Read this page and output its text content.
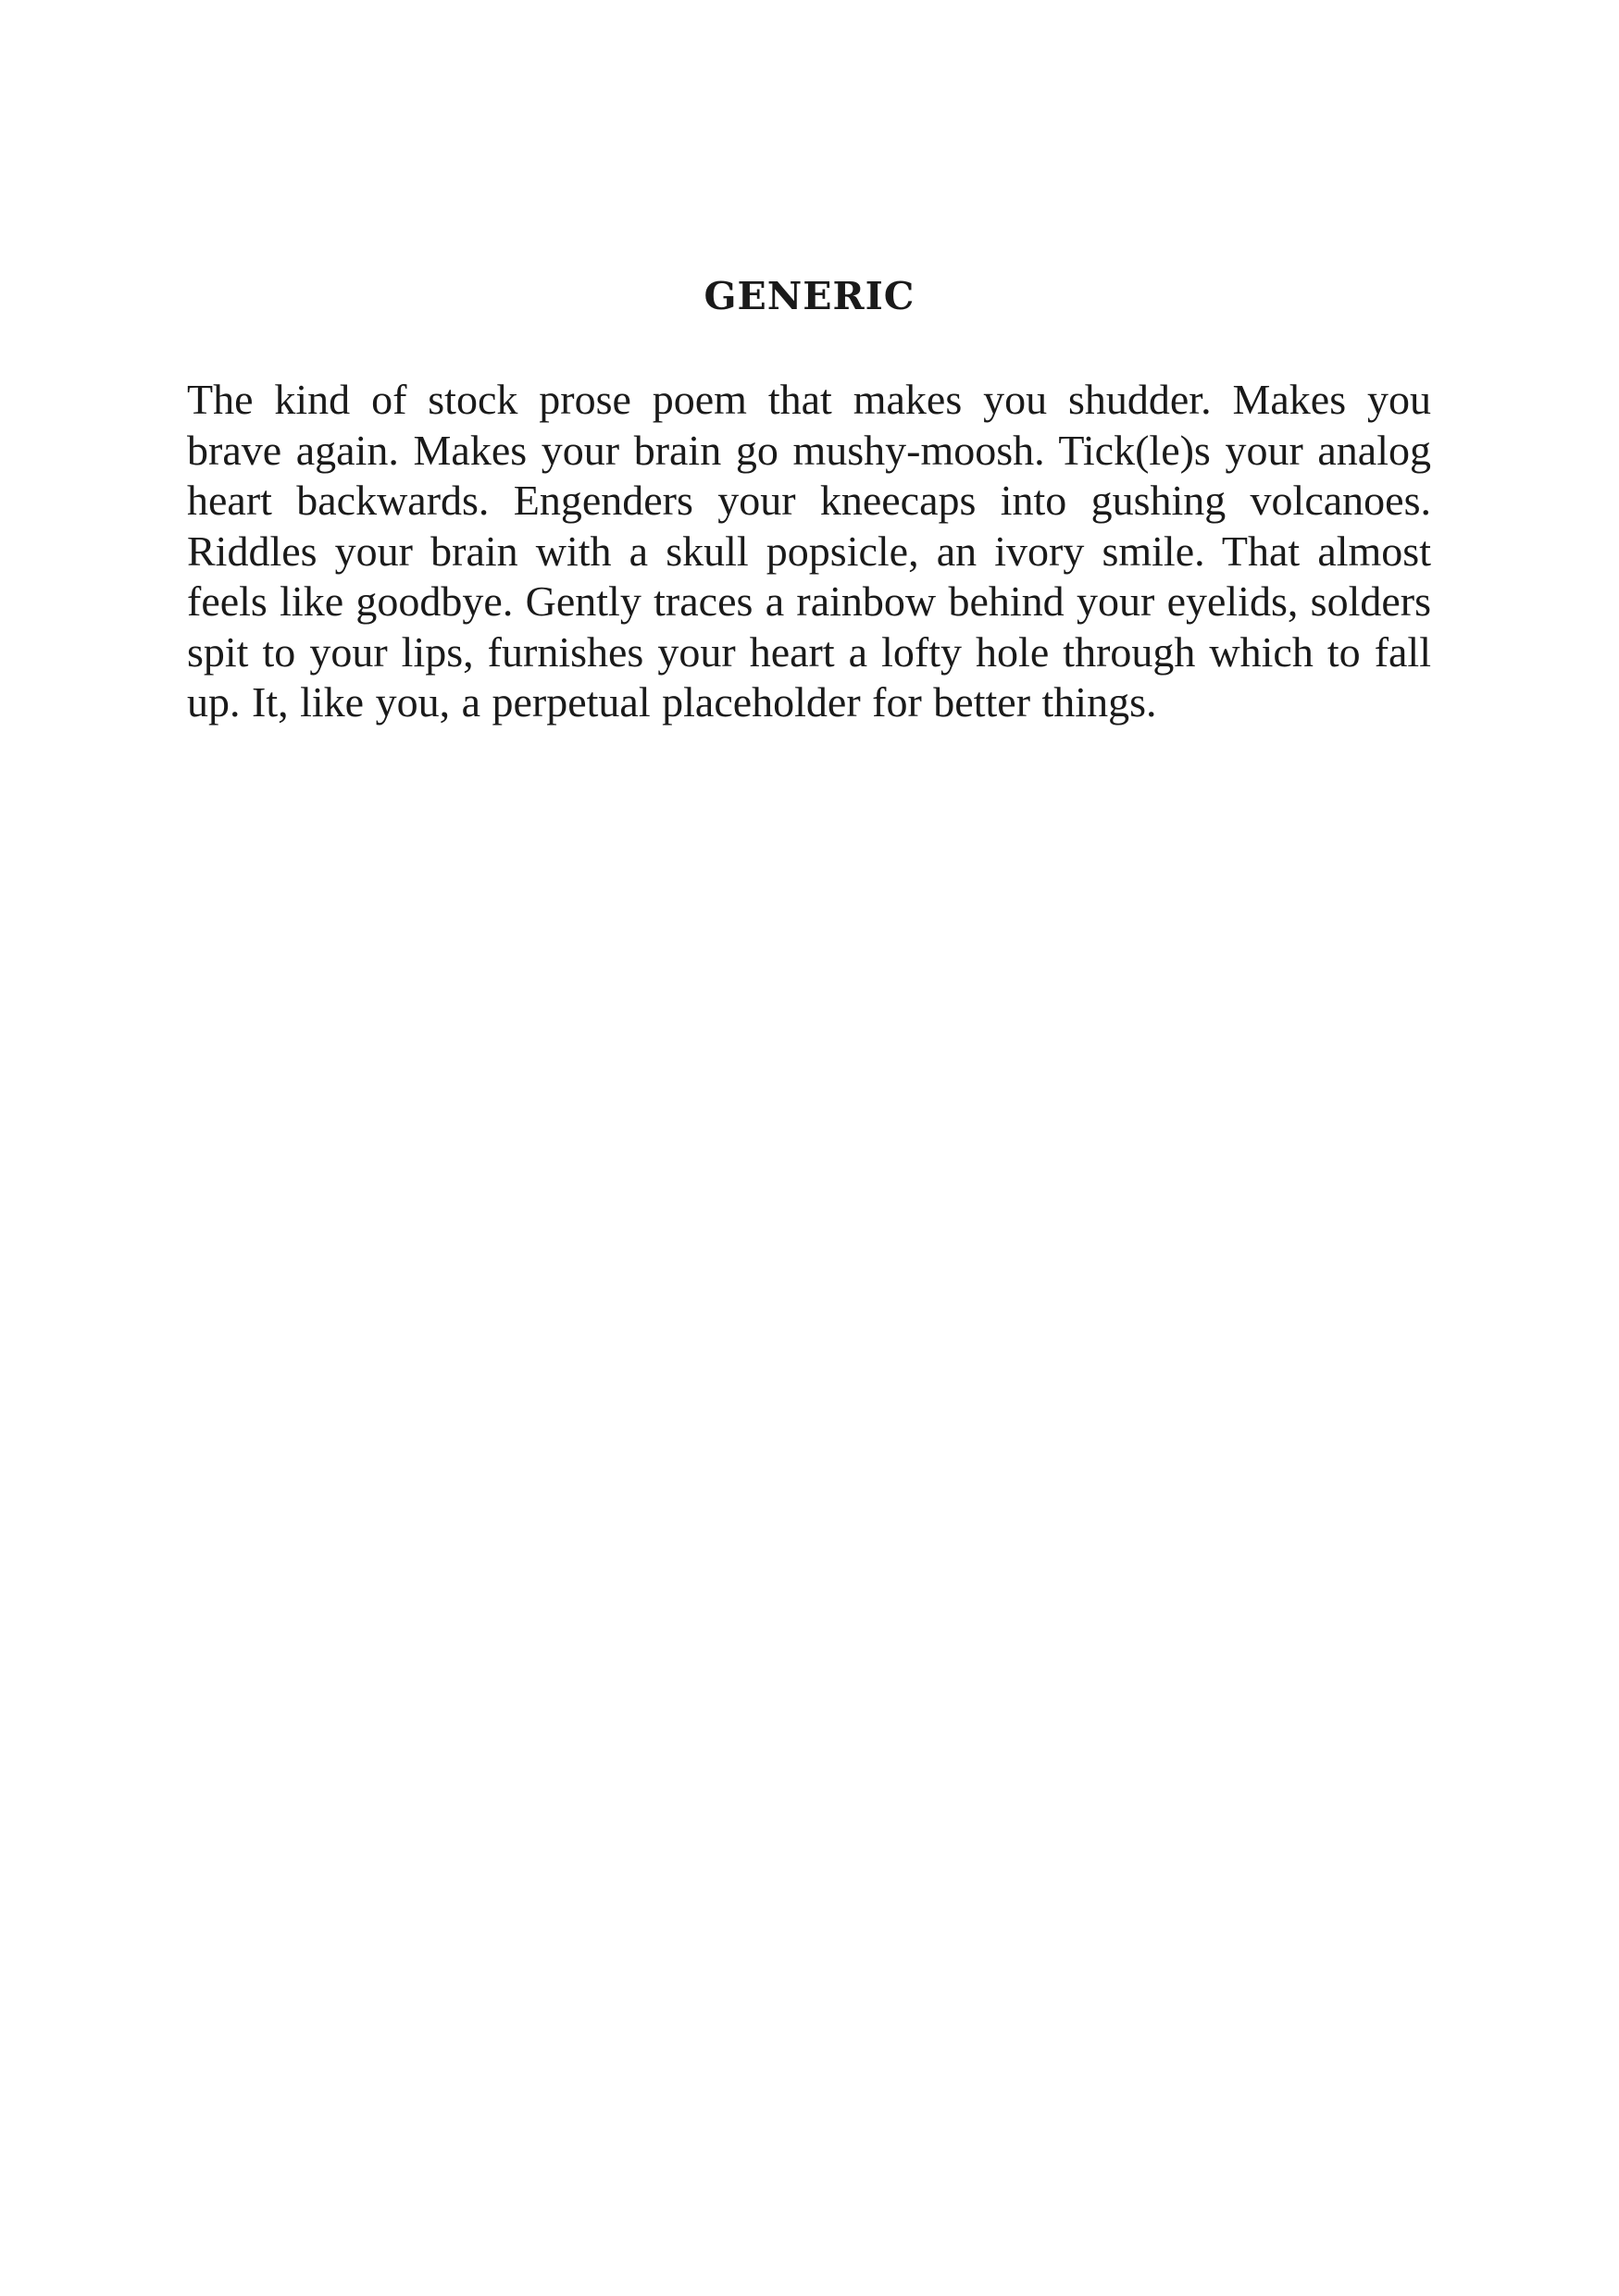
GENERIC

The kind of stock prose poem that makes you shudder. Makes you brave again. Makes your brain go mushy-moosh. Tick(le)s your analog heart backwards. Engenders your kneecaps into gushing volcanoes. Riddles your brain with a skull popsicle, an ivory smile. That almost feels like goodbye. Gently traces a rainbow behind your eyelids, solders spit to your lips, furnishes your heart a lofty hole through which to fall up. It, like you, a perpetual placeholder for better things.
